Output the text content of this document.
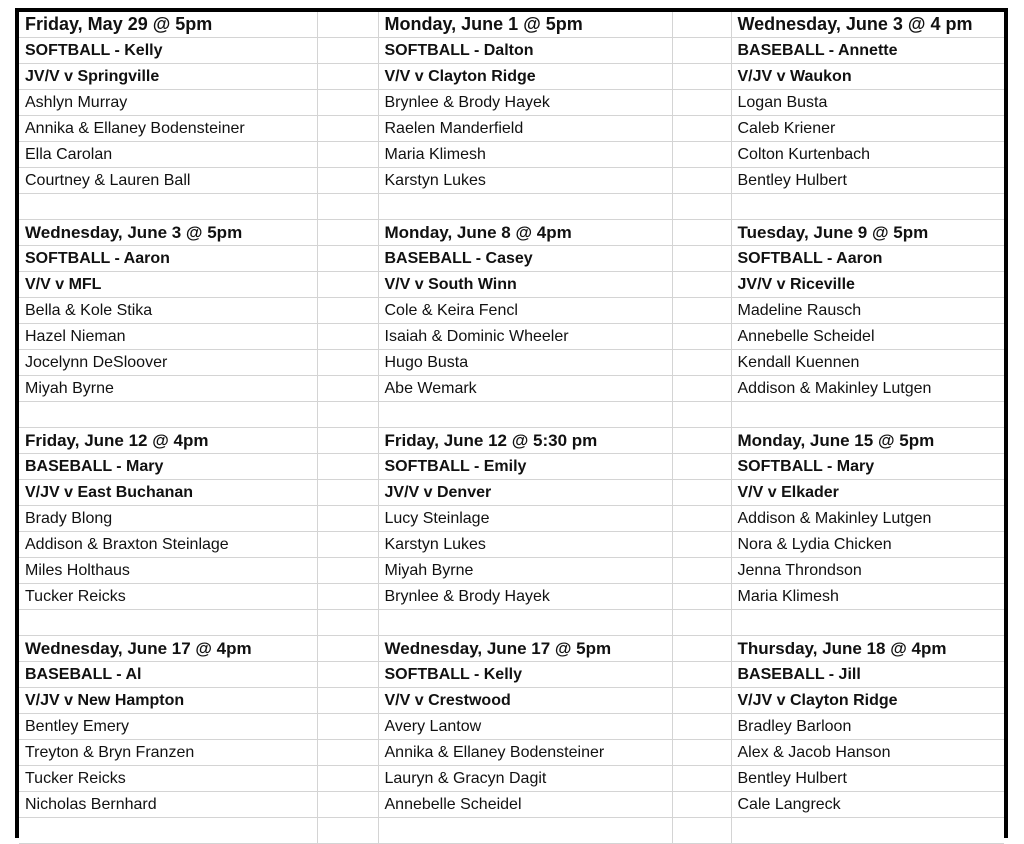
Friday, May 29 @ 5pm		Monday, June 1 @ 5pm		Wednesday, June 3 @ 4 pm
SOFTBALL - Kelly		SOFTBALL - Dalton		BASEBALL - Annette
JV/V v Springville		V/V v Clayton Ridge		V/JV v Waukon
Ashlyn Murray		Brynlee & Brody Hayek		Logan Busta
Annika & Ellaney Bodensteiner		Raelen Manderfield		Caleb Kriener
Ella Carolan		Maria Klimesh		Colton Kurtenbach
Courtney & Lauren Ball		Karstyn Lukes		Bentley Hulbert

Wednesday, June 3 @ 5pm		Monday, June 8 @ 4pm		Tuesday, June 9 @ 5pm
SOFTBALL - Aaron		BASEBALL - Casey		SOFTBALL - Aaron
V/V v MFL		V/V v South Winn		JV/V v Riceville
Bella & Kole Stika		Cole & Keira Fencl		Madeline Rausch
Hazel Nieman		Isaiah & Dominic Wheeler		Annebelle Scheidel
Jocelynn DeSloover		Hugo Busta		Kendall Kuennen
Miyah Byrne		Abe Wemark		Addison & Makinley Lutgen

Friday, June 12 @ 4pm		Friday, June 12 @ 5:30 pm		Monday, June 15 @ 5pm
BASEBALL - Mary		SOFTBALL - Emily		SOFTBALL - Mary
V/JV v East Buchanan		JV/V v Denver		V/V v Elkader
Brady Blong		Lucy Steinlage		Addison & Makinley Lutgen
Addison & Braxton Steinlage		Karstyn Lukes		Nora & Lydia Chicken
Miles Holthaus		Miyah Byrne		Jenna Throndson
Tucker Reicks		Brynlee & Brody Hayek		Maria Klimesh

Wednesday, June 17 @ 4pm		Wednesday, June 17 @ 5pm		Thursday, June 18 @ 4pm
BASEBALL - Al		SOFTBALL - Kelly		BASEBALL - Jill
V/JV v New Hampton		V/V v Crestwood		V/JV v Clayton Ridge
Bentley Emery		Avery Lantow		Bradley Barloon
Treyton & Bryn Franzen		Annika & Ellaney Bodensteiner		Alex & Jacob Hanson
Tucker Reicks		Lauryn & Gracyn Dagit		Bentley Hulbert
Nicholas Bernhard		Annebelle Scheidel		Cale Langreck
